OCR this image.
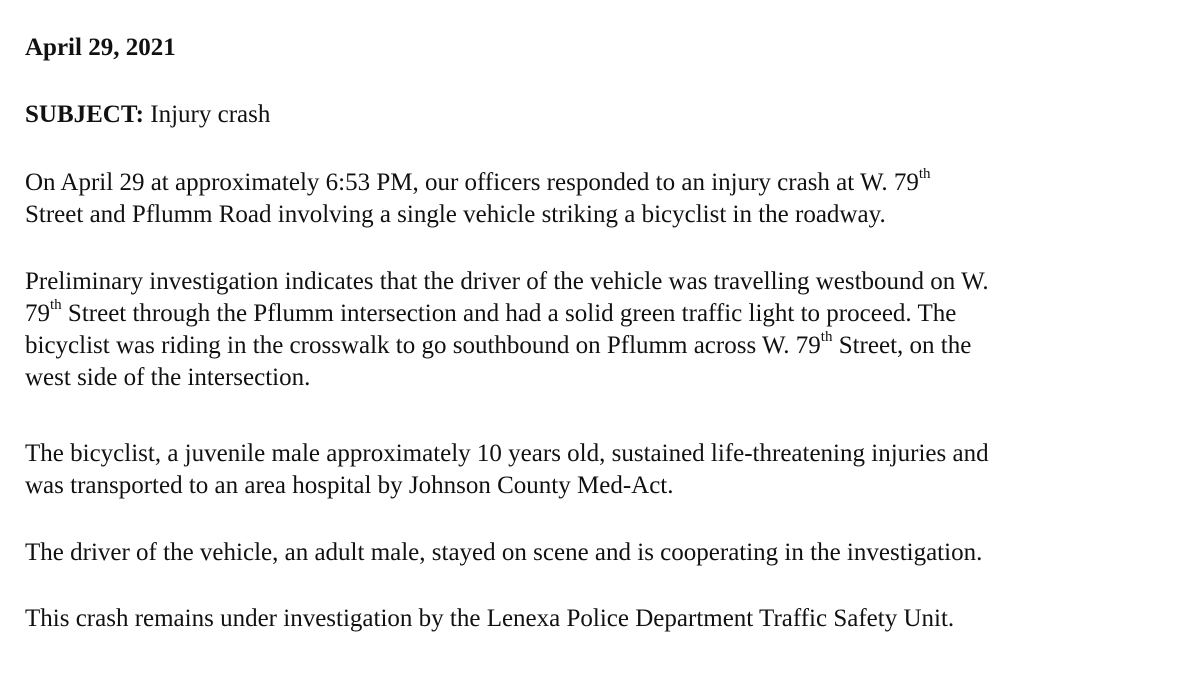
April 29, 2021
SUBJECT: Injury crash
On April 29 at approximately 6:53 PM, our officers responded to an injury crash at W. 79th
Street and Pflumm Road involving a single vehicle striking a bicyclist in the roadway.
Preliminary investigation indicates that the driver of the vehicle was travelling westbound on W.
79th Street through the Pflumm intersection and had a solid green traffic light to proceed. The
bicyclist was riding in the crosswalk to go southbound on Pflumm across W. 79th Street, on the
west side of the intersection.
The bicyclist, a juvenile male approximately 10 years old, sustained life-threatening injuries and
was transported to an area hospital by Johnson County Med-Act.
The driver of the vehicle, an adult male, stayed on scene and is cooperating in the investigation.
This crash remains under investigation by the Lenexa Police Department Traffic Safety Unit.
